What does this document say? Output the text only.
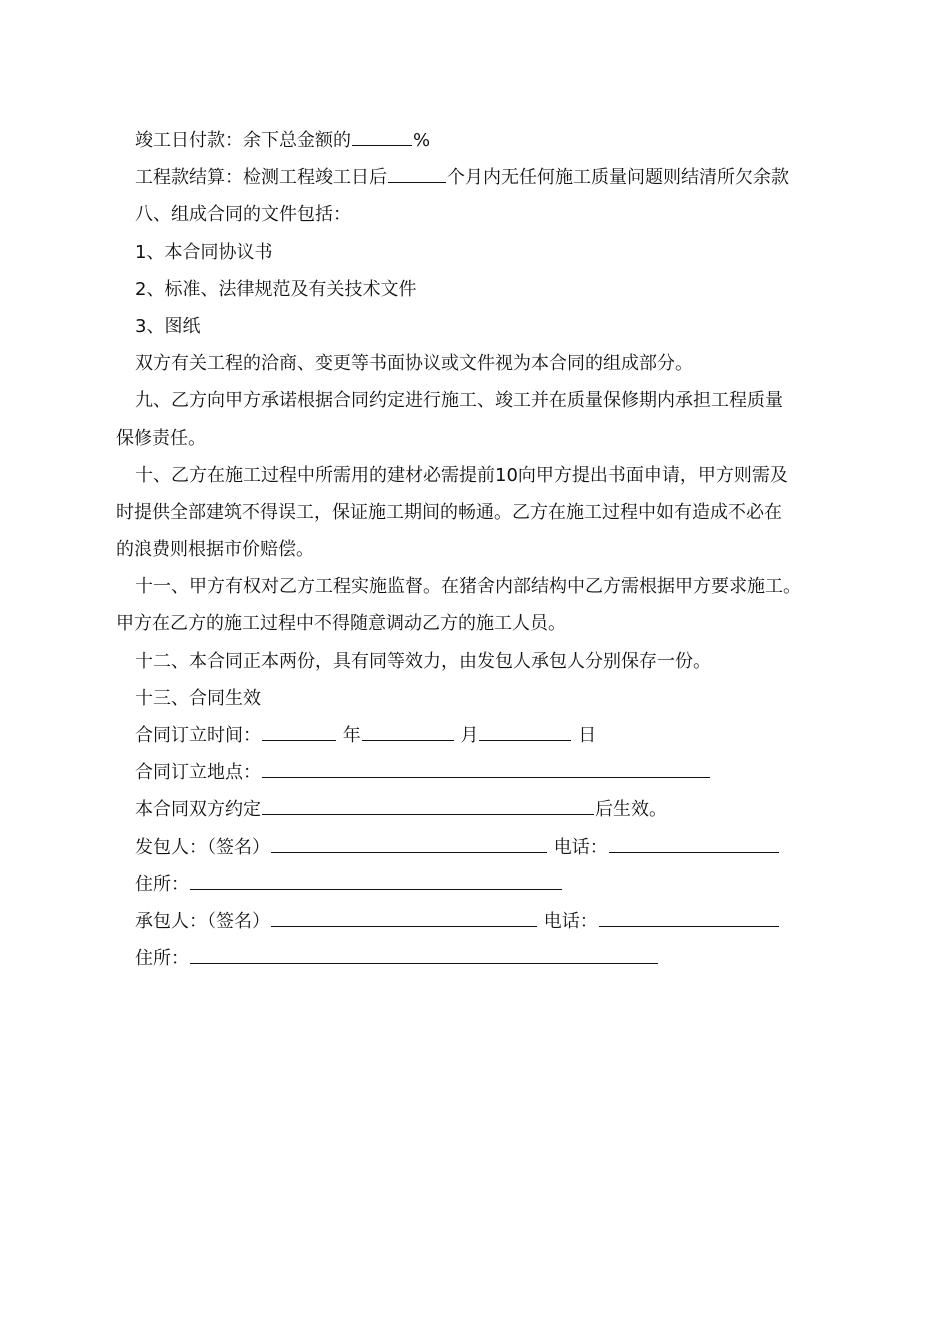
竣工日付款：余下总金额的	%
工程款结算：检测工程竣工日后	个月内无任何施工质量问题则结清所欠余款
八、组成合同的文件包括：
1、本合同协议书
2、标准、法律规范及有关技术文件
3、图纸
双方有关工程的洽商、变更等书面协议或文件视为本合同的组成部分。
九、乙方向甲方承诺根据合同约定进行施工、竣工并在质量保修期内承担工程质量
保修责任。
十、乙方在施工过程中所需用的建材必需提前10向甲方提出书面申请，甲方则需及
时提供全部建筑不得误工，保证施工期间的畅通。乙方在施工过程中如有造成不必在
的浪费则根据市价赔偿。
十一、甲方有权对乙方工程实施监督。在猪舍内部结构中乙方需根据甲方要求施工。
甲方在乙方的施工过程中不得随意调动乙方的施工人员。
十二、本合同正本两份，具有同等效力，由发包人承包人分别保存一份。
十三、合同生效
合同订立时间：	年	月	日
合同订立地点：
本合同双方约定	后生效。
发包人：（签名）	电话：
住所：
承包人：（签名）	电话：
住所：
